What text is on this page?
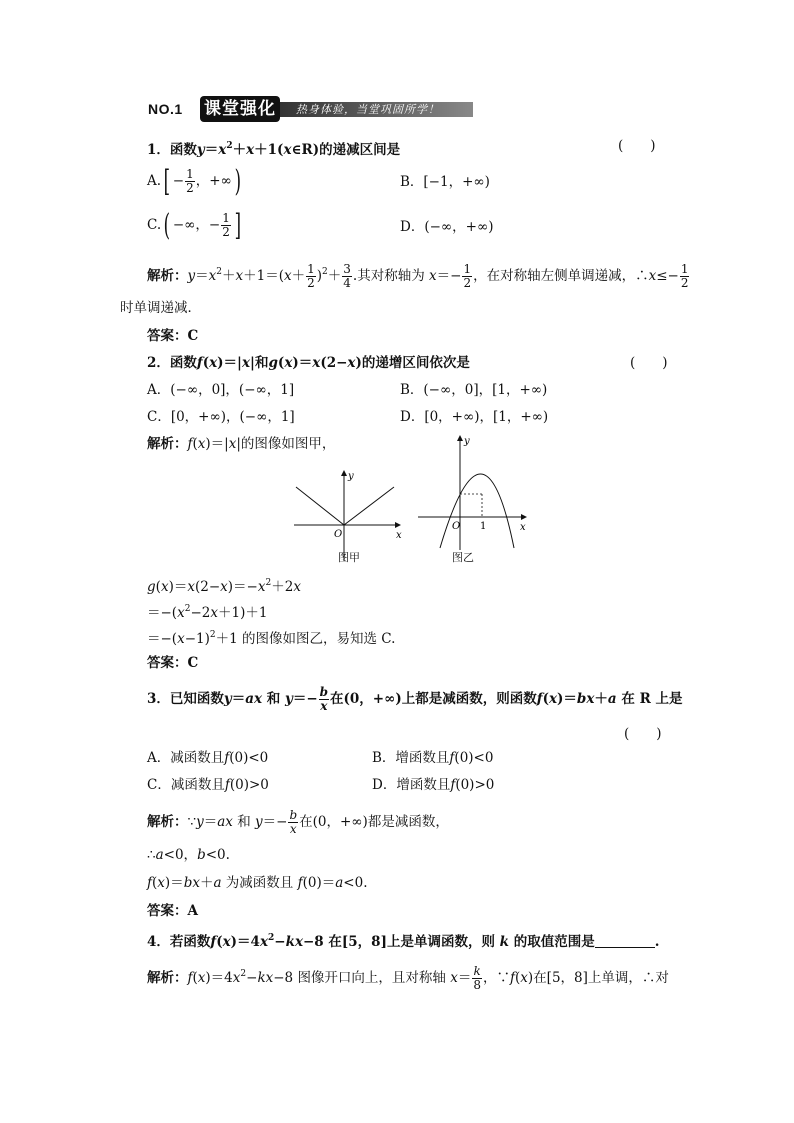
NO.1 课堂强化	热身体验，当堂巩固所学！
1．函数$y=x^2+x+1(x\in R)$的递减区间是	(　　)
$A.[ - \frac{1}{2}$ ，+∞)	B．[−1，+∞)
C.( −∞，− $\frac{1}{2}$ ]	D．(−∞，+∞)
解析：$y=x^2+x+1=(x+ \frac{1}{2} )^2+ \frac{3}{4}$ .其对称轴为 $x=- \frac{1}{2}$ ，在对称轴左侧单调递减，∴x≤− $\frac{1}{2}$
时单调递减．
答案：C
2．函数f(x)＝|x|和g(x)＝x(2−x)的递增区间依次是	(　　)
A．(−∞，0]，(−∞，1]	B．(−∞，0]，[1，+∞)
C．[0，+∞)，(−∞，1]	D．[0，+∞)，[1，+∞)
解析：f(x)＝|x|的图像如图甲，
y
x
O
图甲
y
x
O 1
图乙
$g(x)=x(2-x)=-x^2+2x$
$=-(x^2-2x+1)+1$
$=-(x-1)^2+1$ 的图像如图乙，易知选 C.
答案：C
3．已知函数y＝ax 和 $y=- \frac{b}{x}$ 在(0，+∞)上都是减函数，则函数f(x)＝bx＋a 在 R 上是
(　　)
A．减函数且f(0)<0	B．增函数且f(0)<0
C．减函数且f(0)>0	D．增函数且f(0)>0
解析：∵y＝ax 和 $y=- \frac{b}{x}$ 在(0，+∞)都是减函数，
∴a<0，b<0.
f(x)＝bx＋a 为减函数且 f(0)＝a<0.
答案：A
4．若函数$f(x)=4x^2-kx-8$ 在[5，8]上是单调函数，则 k 的取值范围是	.
解析：$f(x)=4x^2-kx-8$ 图像开口向上，且对称轴 $x= \frac{k}{8}$ ，∵f(x)在[5，8]上单调，∴对
